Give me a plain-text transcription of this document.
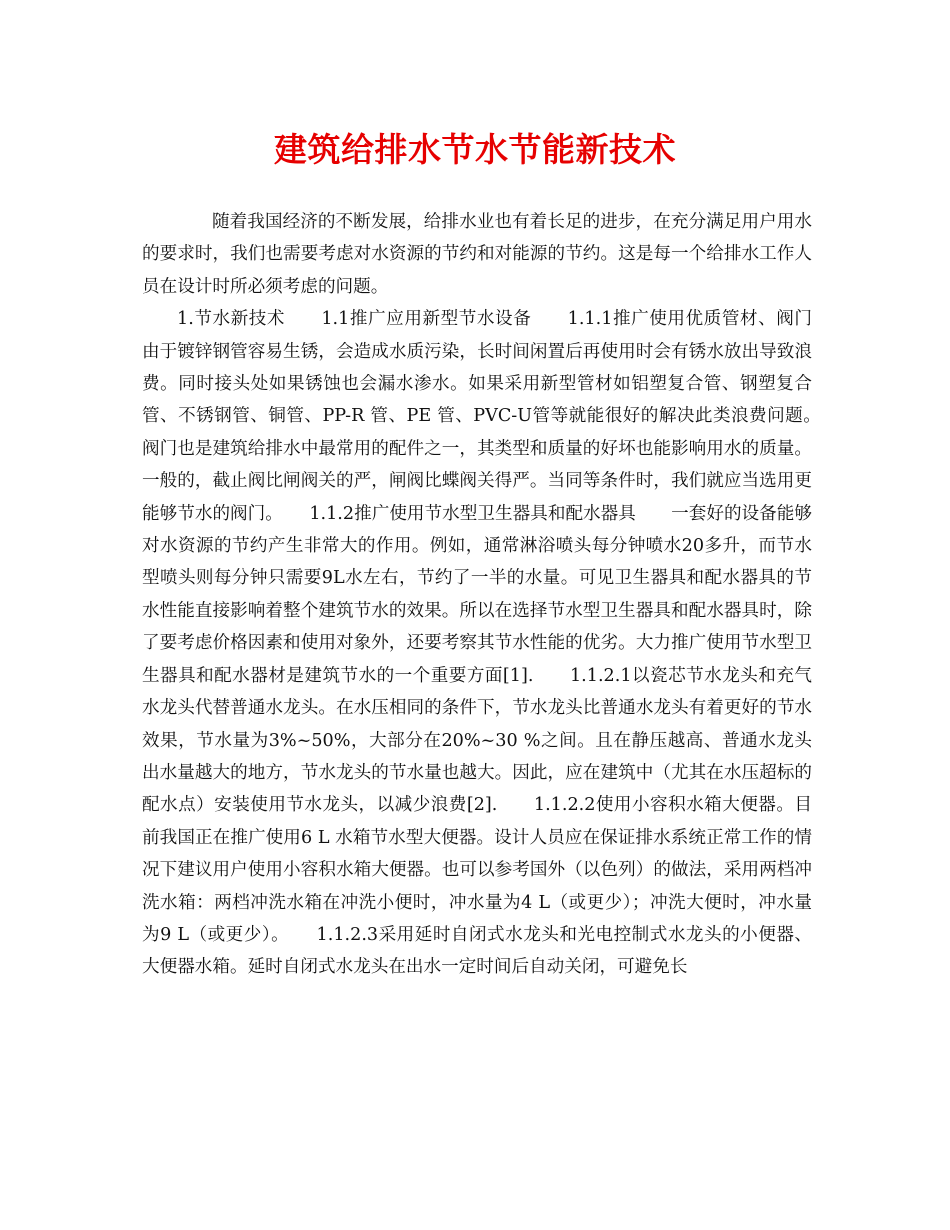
建筑给排水节水节能新技术

随着我国经济的不断发展，给排水业也有着长足的进步，在充分满足用户用水的要求时，我们也需要考虑对水资源的节约和对能源的节约。这是每一个给排水工作人员在设计时所必须考虑的问题。

1.节水新技术　　1.1推广应用新型节水设备　　1.1.1推广使用优质管材、阀门　　由于镀锌钢管容易生锈，会造成水质污染，长时间闲置后再使用时会有锈水放出导致浪费。同时接头处如果锈蚀也会漏水渗水。如果采用新型管材如铝塑复合管、钢塑复合管、不锈钢管、铜管、PP-R 管、PE 管、PVC-U管等就能很好的解决此类浪费问题。　　阀门也是建筑给排水中最常用的配件之一，其类型和质量的好坏也能影响用水的质量。一般的，截止阀比闸阀关的严，闸阀比蝶阀关得严。当同等条件时，我们就应当选用更能够节水的阀门。　　1.1.2推广使用节水型卫生器具和配水器具　　一套好的设备能够对水资源的节约产生非常大的作用。例如，通常淋浴喷头每分钟喷水20多升，而节水型喷头则每分钟只需要9L水左右，节约了一半的水量。可见卫生器具和配水器具的节水性能直接影响着整个建筑节水的效果。所以在选择节水型卫生器具和配水器具时，除了要考虑价格因素和使用对象外，还要考察其节水性能的优劣。大力推广使用节水型卫生器具和配水器材是建筑节水的一个重要方面[1].　　1.1.2.1以瓷芯节水龙头和充气水龙头代替普通水龙头。在水压相同的条件下，节水龙头比普通水龙头有着更好的节水效果，节水量为3%~50%，大部分在20%~30 %之间。且在静压越高、普通水龙头出水量越大的地方，节水龙头的节水量也越大。因此，应在建筑中（尤其在水压超标的配水点）安装使用节水龙头，以减少浪费[2].　　1.1.2.2使用小容积水箱大便器。目前我国正在推广使用6 L 水箱节水型大便器。设计人员应在保证排水系统正常工作的情况下建议用户使用小容积水箱大便器。也可以参考国外（以色列）的做法，采用两档冲洗水箱：两档冲洗水箱在冲洗小便时，冲水量为4 L（或更少）；冲洗大便时，冲水量为9 L（或更少）。　　1.1.2.3采用延时自闭式水龙头和光电控制式水龙头的小便器、大便器水箱。延时自闭式水龙头在出水一定时间后自动关闭，可避免长
